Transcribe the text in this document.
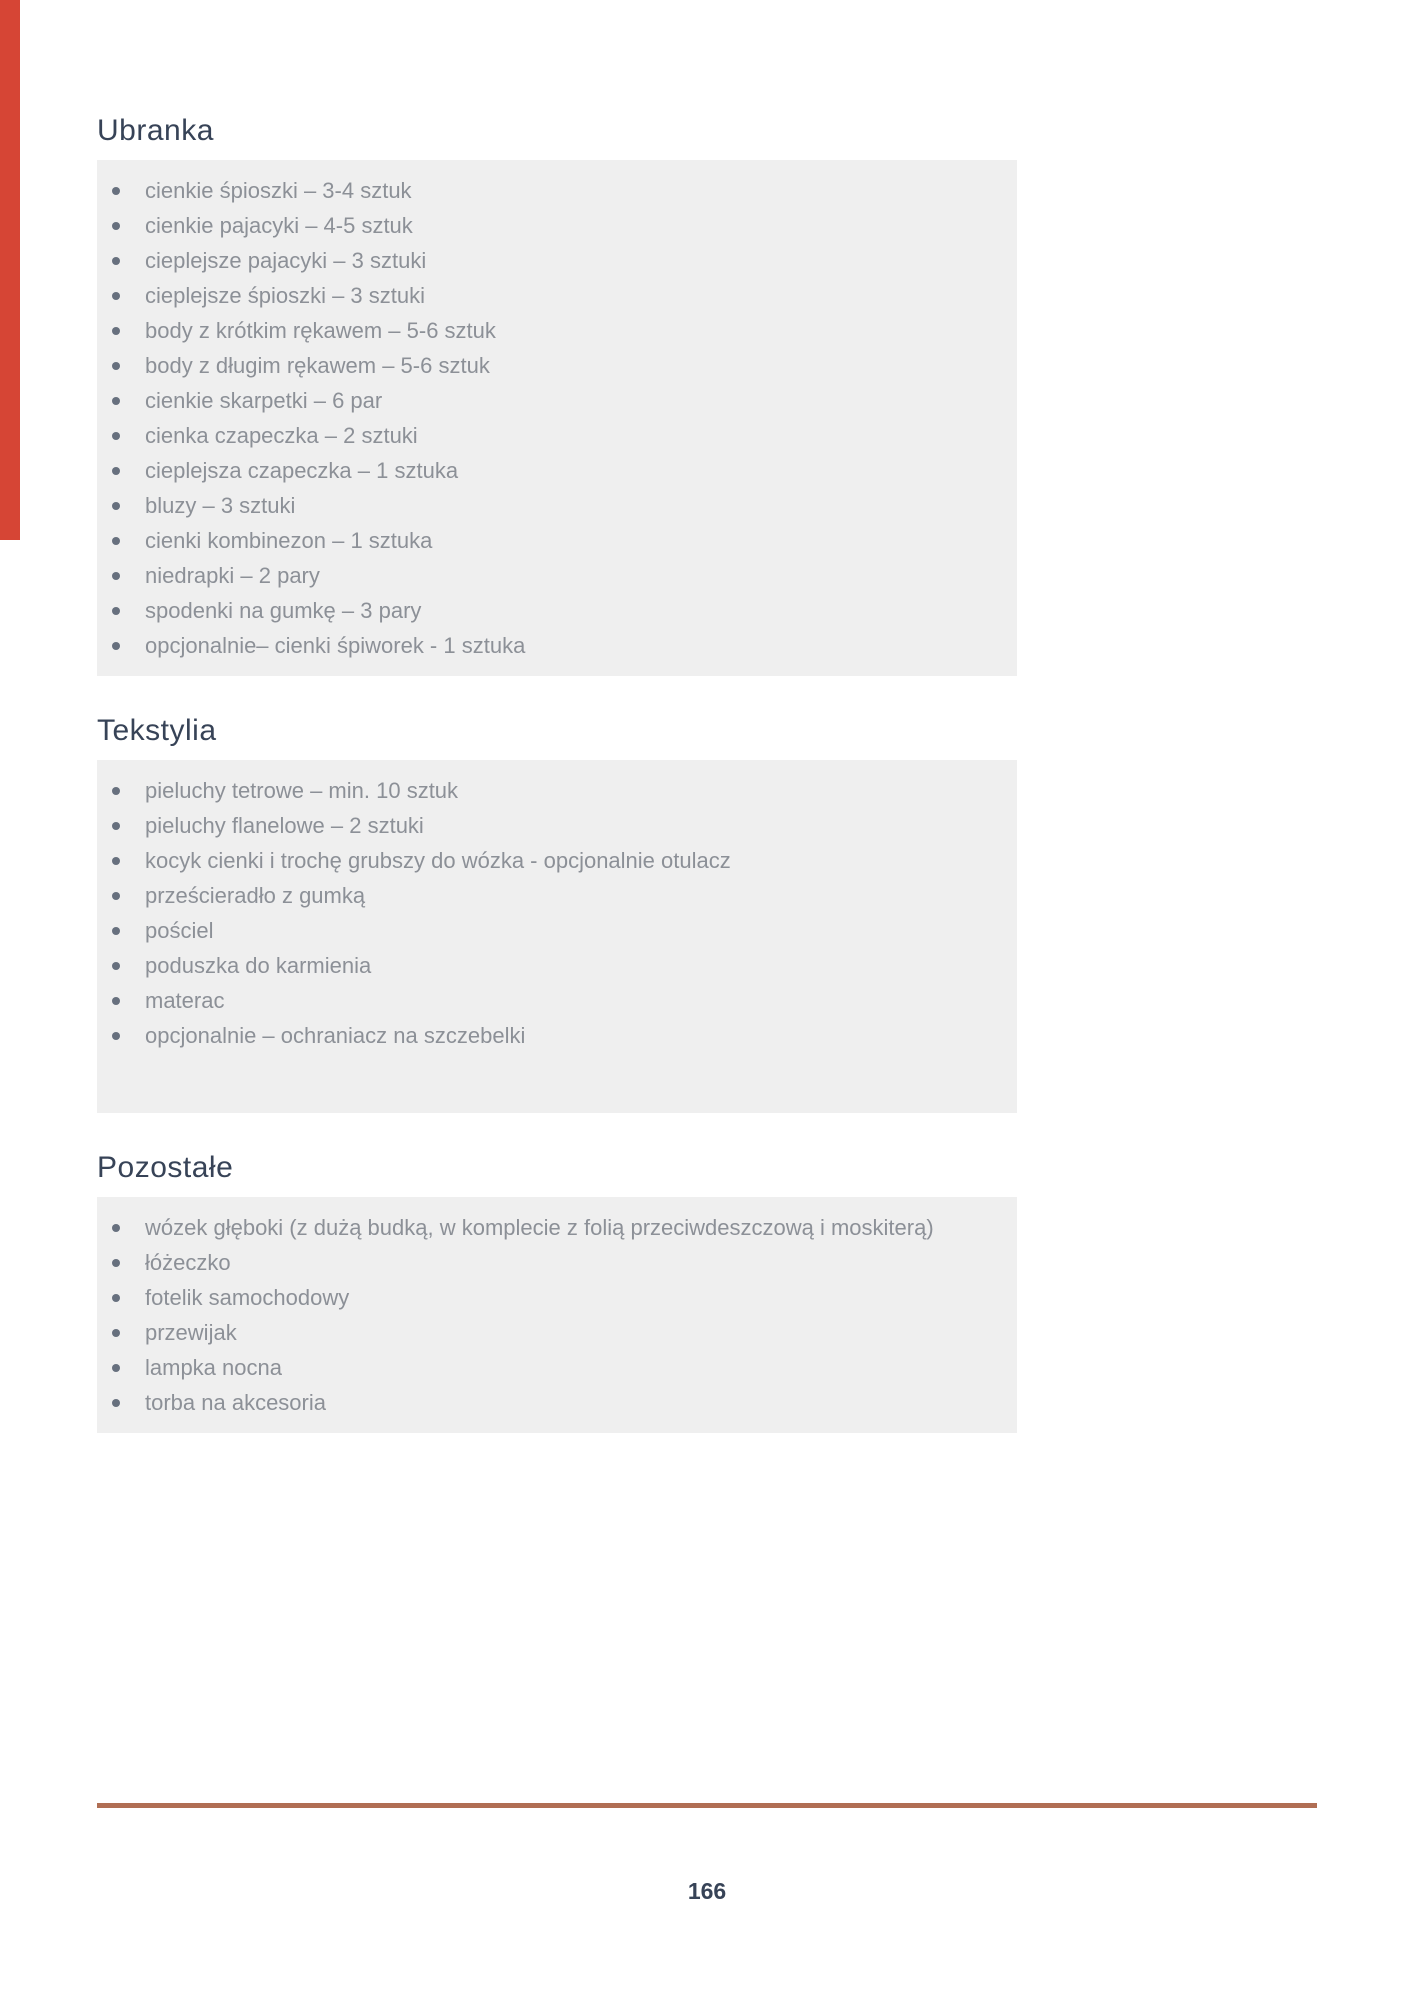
Ubranka
cienkie śpioszki – 3-4 sztuk
cienkie pajacyki – 4-5 sztuk
cieplejsze pajacyki – 3 sztuki
cieplejsze śpioszki – 3 sztuki
body z krótkim rękawem – 5-6 sztuk
body z długim rękawem – 5-6 sztuk
cienkie skarpetki – 6 par
cienka czapeczka – 2 sztuki
cieplejsza czapeczka – 1 sztuka
bluzy – 3 sztuki
cienki kombinezon – 1 sztuka
niedrapki – 2 pary
spodenki na gumkę – 3 pary
opcjonalnie– cienki śpiworek - 1 sztuka
Tekstylia
pieluchy tetrowe – min. 10 sztuk
pieluchy flanelowe – 2 sztuki
kocyk cienki i trochę grubszy do wózka - opcjonalnie otulacz
prześcieradło z gumką
pościel
poduszka do karmienia
materac
opcjonalnie – ochraniacz na szczebelki
Pozostałe
wózek głęboki (z dużą budką, w komplecie z folią przeciwdeszczową i moskiterą)
łóżeczko
fotelik samochodowy
przewijak
lampka nocna
torba na akcesoria
166
